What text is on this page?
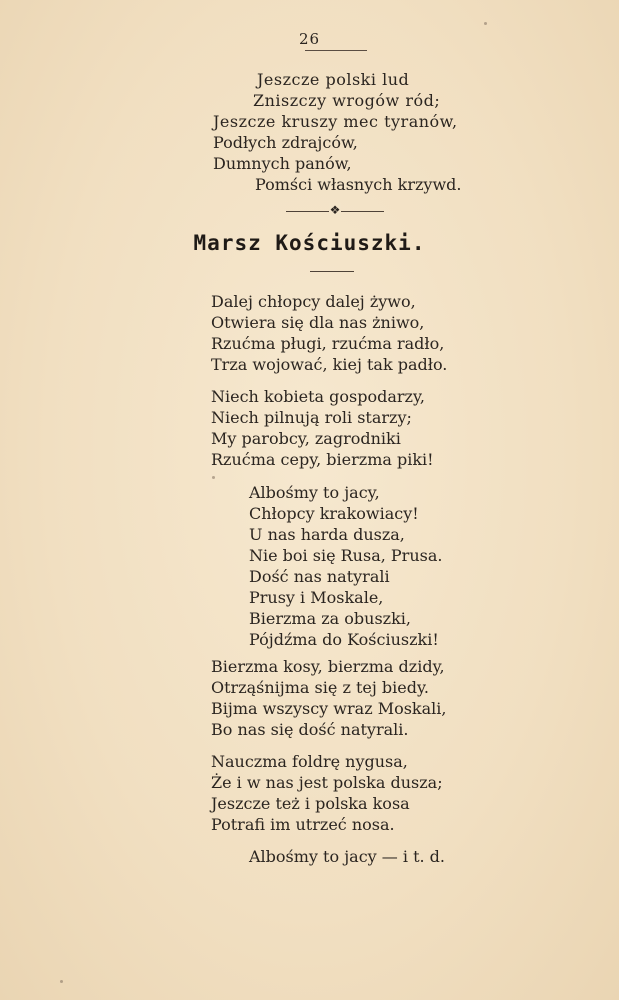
26
Jeszcze polski lud
Zniszczy wrogów ród;
Jeszcze kruszy mec tyranów,
Podłych zdrajców,
Dumnych panów,
Pomści własnych krzywd.
❖
Marsz Kościuszki.
Dalej chłopcy dalej żywo,
Otwiera się dla nas żniwo,
Rzućma pługi, rzućma radło,
Trza wojować, kiej tak padło.
Niech kobieta gospodarzy,
Niech pilnują roli starzy;
My parobcy, zagrodniki
Rzućma cepy, bierzma piki!
Albośmy to jacy,
Chłopcy krakowiacy!
U nas harda dusza,
Nie boi się Rusa, Prusa.
Dość nas natyrali
Prusy i Moskale,
Bierzma za obuszki,
Pójdźma do Kościuszki!
Bierzma kosy, bierzma dzidy,
Otrząśnijma się z tej biedy.
Bijma wszyscy wraz Moskali,
Bo nas się dość natyrali.
Nauczma foldrę nygusa,
Że i w nas jest polska dusza;
Jeszcze też i polska kosa
Potrafi im utrzeć nosa.
Albośmy to jacy — i t. d.
